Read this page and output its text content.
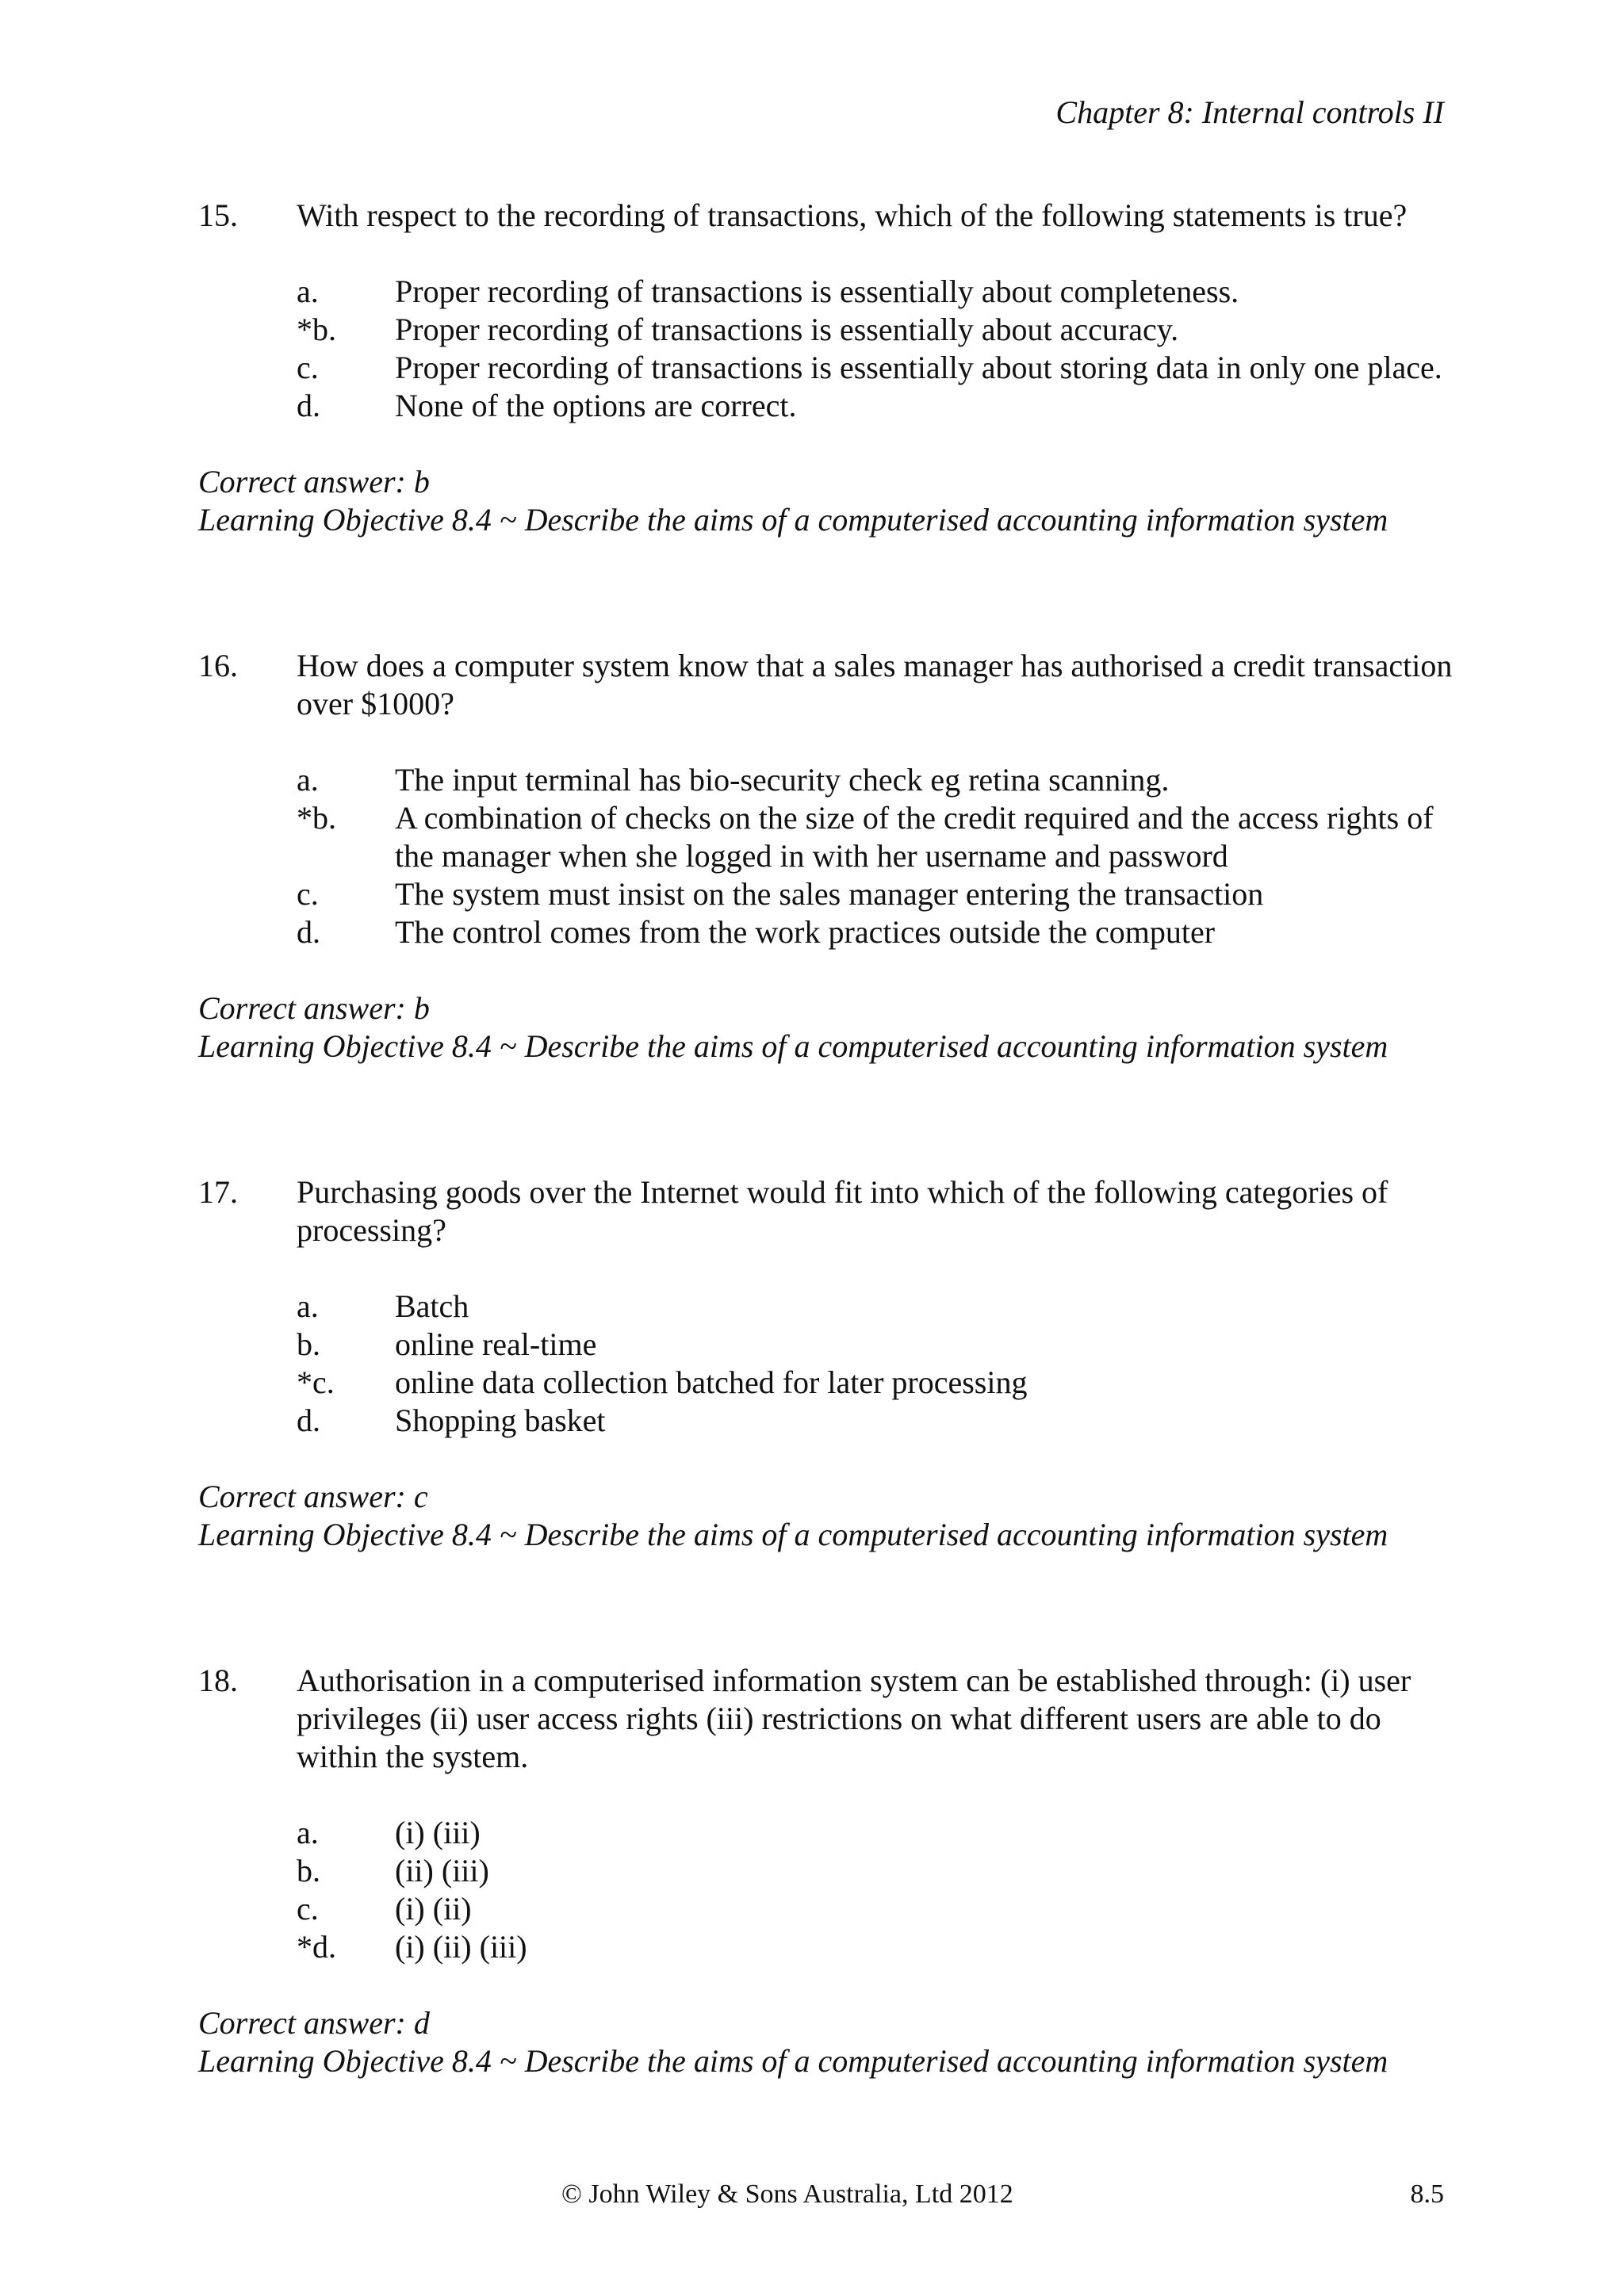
Chapter 8: Internal controls II
15.	With respect to the recording of transactions, which of the following statements is true?
a.	Proper recording of transactions is essentially about completeness.
*b.	Proper recording of transactions is essentially about accuracy.
c.	Proper recording of transactions is essentially about storing data in only one place.
d.	None of the options are correct.
Correct answer: b
Learning Objective 8.4 ~ Describe the aims of a computerised accounting information system
16.	How does a computer system know that a sales manager has authorised a credit transaction over $1000?
a.	The input terminal has bio-security check eg retina scanning.
*b.	A combination of checks on the size of the credit required and the access rights of the manager when she logged in with her username and password
c.	The system must insist on the sales manager entering the transaction
d.	The control comes from the work practices outside the computer
Correct answer: b
Learning Objective 8.4 ~ Describe the aims of a computerised accounting information system
17.	Purchasing goods over the Internet would fit into which of the following categories of processing?
a.	Batch
b.	online real-time
*c.	online data collection batched for later processing
d.	Shopping basket
Correct answer: c
Learning Objective 8.4 ~ Describe the aims of a computerised accounting information system
18.	Authorisation in a computerised information system can be established through: (i) user privileges (ii) user access rights (iii) restrictions on what different users are able to do within the system.
a.	(i) (iii)
b.	(ii) (iii)
c.	(i) (ii)
*d.	(i) (ii) (iii)
Correct answer: d
Learning Objective 8.4 ~ Describe the aims of a computerised accounting information system
© John Wiley & Sons Australia, Ltd 2012	8.5
